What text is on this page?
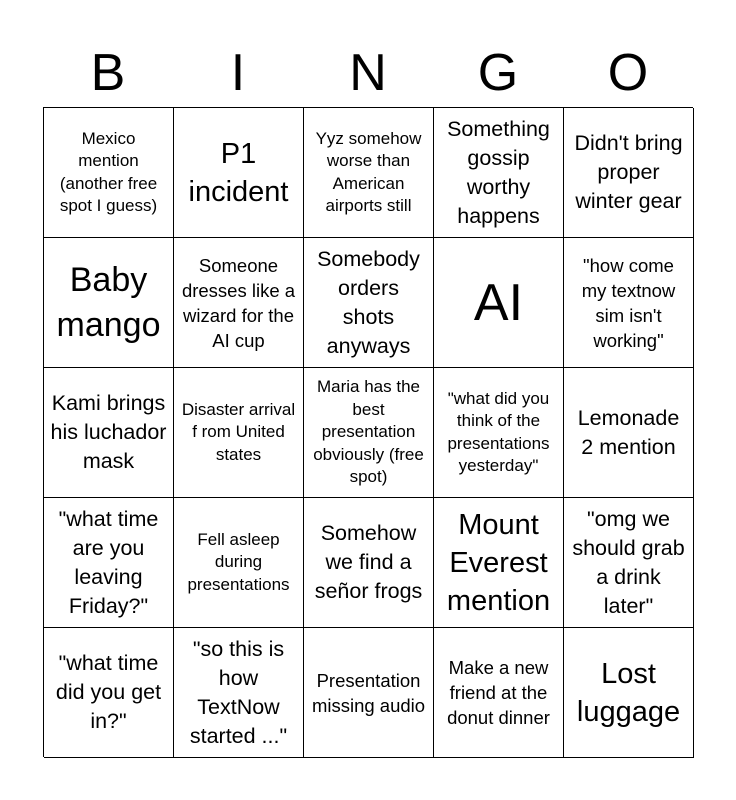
B	I	N	G	O
Mexico mention (another free spot I guess)
P1 incident
Yyz somehow worse than American airports still
Something gossip worthy happens
Didn't bring proper winter gear
Baby mango
Someone dresses like a wizard for the AI cup
Somebody orders shots anyways
AI
"how come my textnow sim isn't working"
Kami brings his luchador mask
Disaster arrival f rom United states
Maria has the best presentation obviously (free spot)
"what did you think of the presentations yesterday"
Lemonade 2 mention
"what time are you leaving Friday?"
Fell asleep during presentations
Somehow we find a señor frogs
Mount Everest mention
"omg we should grab a drink later"
"what time did you get in?"
"so this is how TextNow started ..."
Presentation missing audio
Make a new friend at the donut dinner
Lost luggage
